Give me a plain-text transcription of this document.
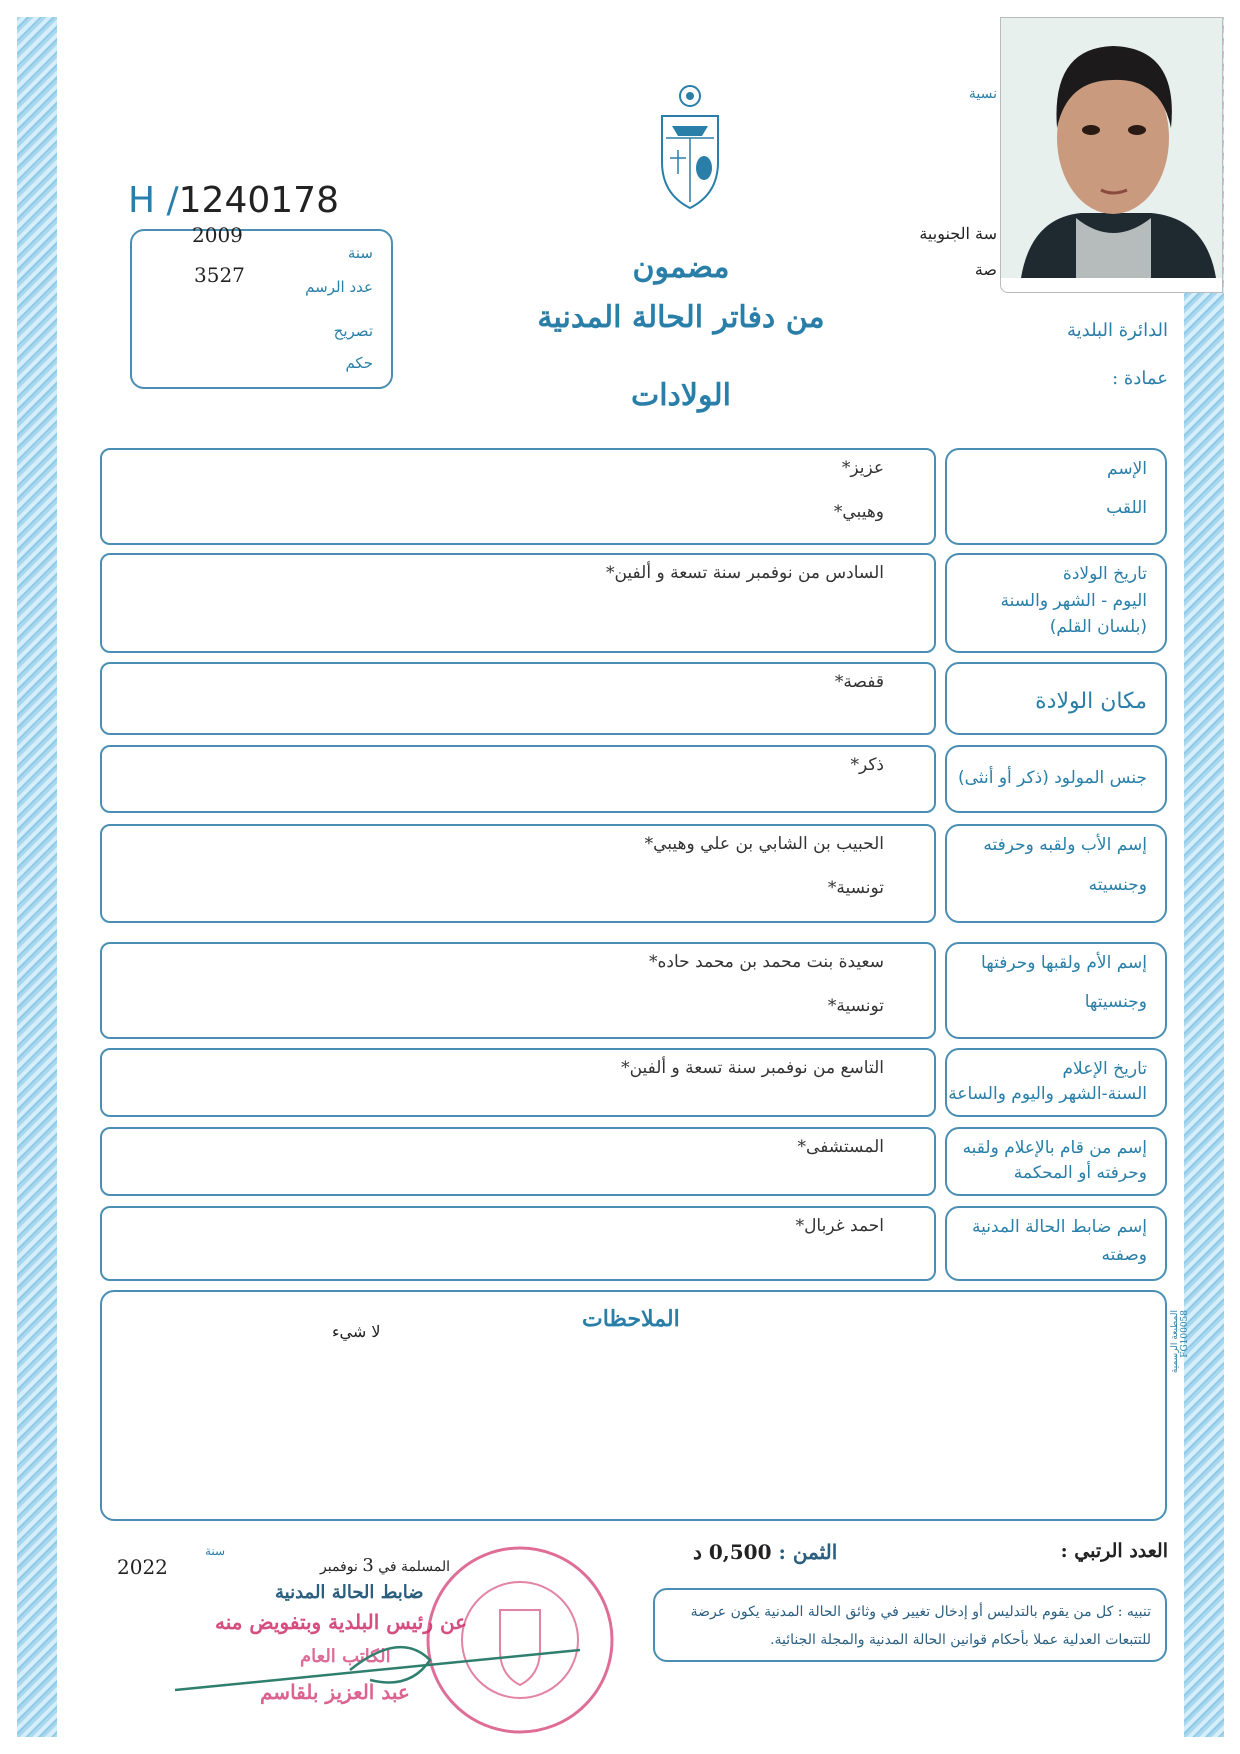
H /1240178
2009
3527
سنة
عدد الرسم
تصريح
حكم
مضمون
من دفاتر الحالة المدنية
الولادات
نسية
سة الجنوبية
صة
الدائرة البلدية
عمادة :
الإسم
اللقب
عزيز*
وهيبي*
تاريخ الولادة
اليوم - الشهر والسنة
(بلسان القلم)
السادس من نوفمبر سنة تسعة و ألفين*
مكان الولادة
قفصة*
جنس المولود (ذكر أو أنثى)
ذكر*
إسم الأب ولقبه وحرفته
وجنسيته
الحبيب بن الشابي بن علي وهيبي*
تونسية*
إسم الأم ولقبها وحرفتها
وجنسيتها
سعيدة بنت محمد بن محمد حاده*
تونسية*
تاريخ الإعلام
السنة-الشهر واليوم والساعة
التاسع من نوفمبر سنة تسعة و ألفين*
إسم من قام بالإعلام ولقبه
وحرفته أو المحكمة
المستشفى*
إسم ضابط الحالة المدنية
وصفته
احمد غربال*
الملاحظات
لا شيء	المطبعة الرسمية FG100058
العدد الرتبي :
الثمن : 0,500 د
تنبيه : كل من يقوم بالتدليس أو إدخال تغيير في وثائق الحالة المدنية يكون عرضة للتتبعات العدلية عملا بأحكام قوانين الحالة المدنية والمجلة الجنائية.
2022
سنة
المسلمة في 3 نوفمبر
ضابط الحالة المدنية
عن رئيس البلدية وبتفويض منه
الكاتب العام
عبد العزيز بلقاسم
